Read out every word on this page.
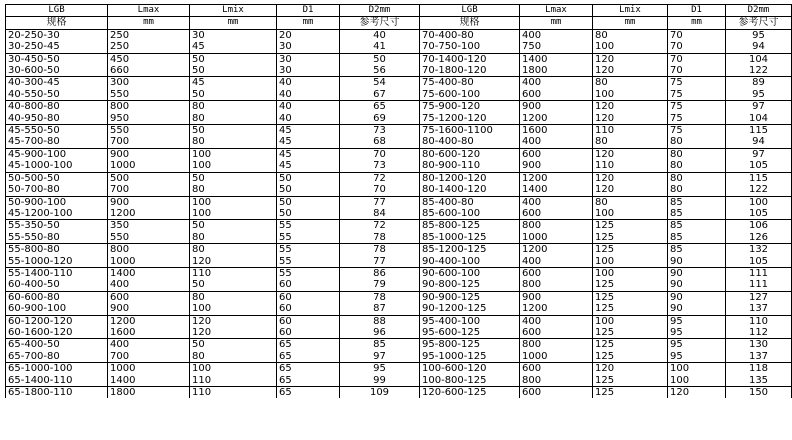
LGB	Lmax	Lmix	D1	D2mm	LGB	Lmax	Lmix	D1	D2mm
规格	mm	mm	mm	参考尺寸	规格	mm	mm	mm	参考尺寸
20-250-30	250	30	20	40	70-400-80	400	80	70	95
30-250-45	250	45	30	41	70-750-100	750	100	70	94
30-450-50	450	50	30	50	70-1400-120	1400	120	70	104
30-600-50	660	50	30	56	70-1800-120	1800	120	70	122
40-300-45	300	45	40	54	75-400-80	400	80	75	89
40-550-50	550	50	40	67	75-600-100	600	100	75	95
40-800-80	800	80	40	65	75-900-120	900	120	75	97
40-950-80	950	80	40	69	75-1200-120	1200	120	75	104
45-550-50	550	50	45	73	75-1600-1100	1600	110	75	115
45-700-80	700	80	45	68	80-400-80	400	80	80	94
45-900-100	900	100	45	70	80-600-120	600	120	80	97
45-1000-100	1000	100	45	73	80-900-110	900	110	80	105
50-500-50	500	50	50	72	80-1200-120	1200	120	80	115
50-700-80	700	80	50	70	80-1400-120	1400	120	80	122
50-900-100	900	100	50	77	85-400-80	400	80	85	100
45-1200-100	1200	100	50	84	85-600-100	600	100	85	105
55-350-50	350	50	55	72	85-800-125	800	125	85	106
55-550-80	550	80	55	78	85-1000-125	1000	125	85	126
55-800-80	800	80	55	78	85-1200-125	1200	125	85	132
55-1000-120	1000	120	55	77	90-400-100	400	100	90	105
55-1400-110	1400	110	55	86	90-600-100	600	100	90	111
60-400-50	400	50	60	79	90-800-125	800	125	90	111
60-600-80	600	80	60	78	90-900-125	900	125	90	127
60-900-100	900	100	60	87	90-1200-125	1200	125	90	137
60-1200-120	1200	120	60	88	95-400-100	400	100	95	110
60-1600-120	1600	120	60	96	95-600-125	600	125	95	112
65-400-50	400	50	65	85	95-800-125	800	125	95	130
65-700-80	700	80	65	97	95-1000-125	1000	125	95	137
65-1000-100	1000	100	65	95	100-600-120	600	120	100	118
65-1400-110	1400	110	65	99	100-800-125	800	125	100	135
65-1800-110	1800	110	65	109	120-600-125	600	125	120	150
